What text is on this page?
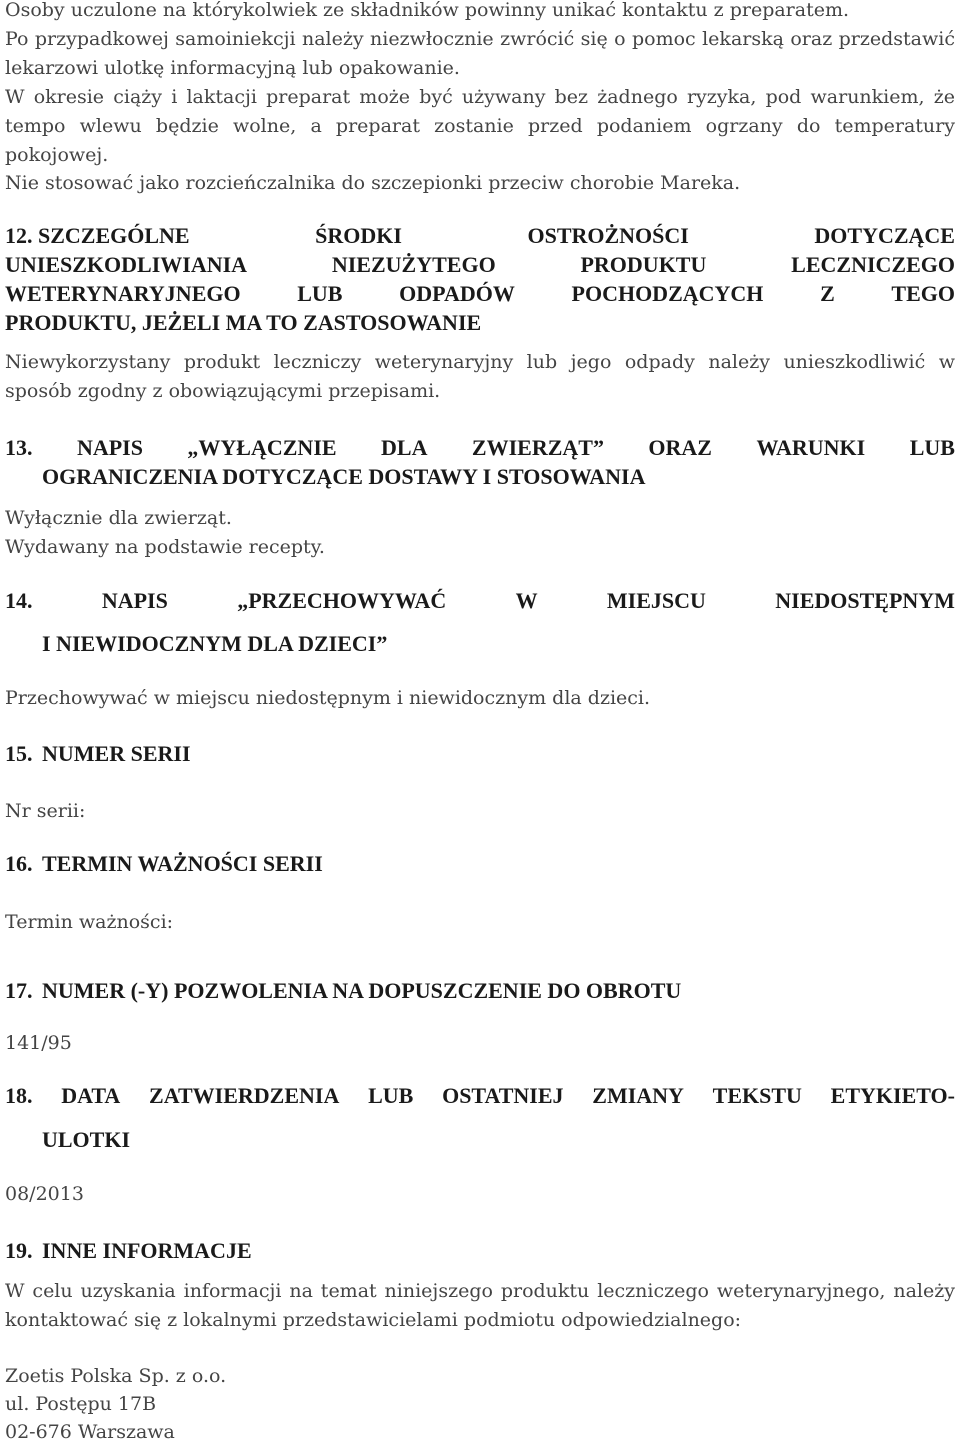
Osoby uczulone na którykolwiek ze składników powinny unikać kontaktu z preparatem.

Po przypadkowej samoiniekcji należy niezwłocznie zwrócić się o pomoc lekarską oraz przedstawić lekarzowi ulotkę informacyjną lub opakowanie.

W okresie ciąży i laktacji preparat może być używany bez żadnego ryzyka, pod warunkiem, że tempo wlewu będzie wolne, a preparat zostanie przed podaniem ogrzany do temperatury pokojowej.

Nie stosować jako rozcieńczalnika do szczepionki przeciw chorobie Mareka.

12. SZCZEGÓLNE	ŚRODKI	OSTROŻNOŚCI	DOTYCZĄCE
UNIESZKODLIWIANIA	NIEZUŻYTEGO	PRODUKTU	LECZNICZEGO
WETERYNARYJNEGO	LUB	ODPADÓW	POCHODZĄCYCH	Z	TEGO
PRODUKTU, JEŻELI MA TO ZASTOSOWANIE

Niewykorzystany produkt leczniczy weterynaryjny lub jego odpady należy unieszkodliwić w sposób zgodny z obowiązującymi przepisami.

13. NAPIS „WYŁĄCZNIE DLA ZWIERZĄT” ORAZ WARUNKI LUB
OGRANICZENIA DOTYCZĄCE DOSTAWY I STOSOWANIA

Wyłącznie dla zwierząt.

Wydawany na podstawie recepty.

14.	NAPIS	„PRZECHOWYWAĆ	W	MIEJSCU	NIEDOSTĘPNYM
I NIEWIDOCZNYM DLA DZIECI”

Przechowywać w miejscu niedostępnym i niewidocznym dla dzieci.

15. NUMER SERII

Nr serii:

16. TERMIN WAŻNOŚCI SERII

Termin ważności:

17. NUMER (-Y) POZWOLENIA NA DOPUSZCZENIE DO OBROTU

141/95

18. DATA ZATWIERDZENIA LUB OSTATNIEJ ZMIANY TEKSTU ETYKIETO-
ULOTKI

08/2013

19. INNE INFORMACJE

W celu uzyskania informacji na temat niniejszego produktu leczniczego weterynaryjnego, należy kontaktować się z lokalnymi przedstawicielami podmiotu odpowiedzialnego:

Zoetis Polska Sp. z o.o.

ul. Postępu 17B

02-676 Warszawa
